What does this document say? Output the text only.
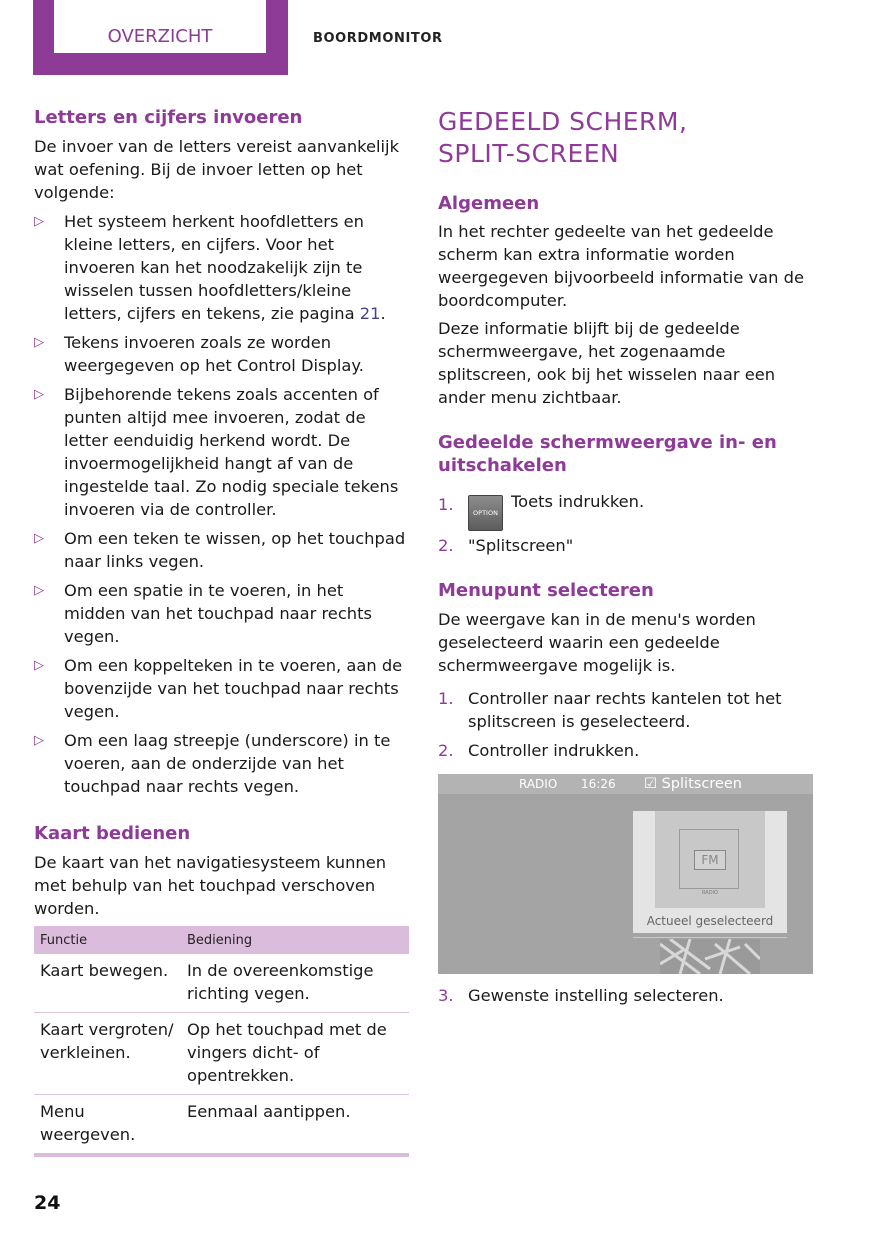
OVERZICHT	BOORDMONITOR
Letters en cijfers invoeren

De invoer van de letters vereist aanvankelijk wat oefening. Bij de invoer letten op het volgende:

▷ Het systeem herkent hoofdletters en kleine letters, en cijfers. Voor het invoeren kan het noodzakelijk zijn te wisselen tussen hoofdletters/kleine letters, cijfers en tekens, zie pagina 21.
▷ Tekens invoeren zoals ze worden weergegeven op het Control Display.
▷ Bijbehorende tekens zoals accenten of punten altijd mee invoeren, zodat de letter eenduidig herkend wordt. De invoermogelijkheid hangt af van de ingestelde taal. Zo nodig speciale tekens invoeren via de controller.
▷ Om een teken te wissen, op het touchpad naar links vegen.
▷ Om een spatie in te voeren, in het midden van het touchpad naar rechts vegen.
▷ Om een koppelteken in te voeren, aan de bovenzijde van het touchpad naar rechts vegen.
▷ Om een laag streepje (underscore) in te voeren, aan de onderzijde van het touchpad naar rechts vegen.
Kaart bedienen

De kaart van het navigatiesysteem kunnen met behulp van het touchpad verschoven worden.

Functie	Bediening
Kaart bewegen.	In de overeenkomstige richting vegen.
Kaart vergroten/ verkleinen.	Op het touchpad met de vingers dicht- of opentrekken.
Menu weergeven.	Eenmaal aantippen.
GEDEELD SCHERM, SPLIT-SCREEN
Algemeen

In het rechter gedeelte van het gedeelde scherm kan extra informatie worden weergegeven bijvoorbeeld informatie van de boordcomputer.

Deze informatie blijft bij de gedeelde schermweergave, het zogenaamde splitscreen, ook bij het wisselen naar een ander menu zichtbaar.

Gedeelde schermweergave in- en uitschakelen
1.	OPTIONToets indrukken.
2. "Splitscreen"
Menupunt selecteren

De weergave kan in de menu's worden geselecteerd waarin een gedeelde schermweergave mogelijk is.

1. Controller naar rechts kantelen tot het splitscreen is geselecteerd.
2. Controller indrukken.
RADIO 16:26 ☑ Splitscreen
FM
RADIO
Actueel geselecteerd
3. Gewenste instelling selecteren.
24
